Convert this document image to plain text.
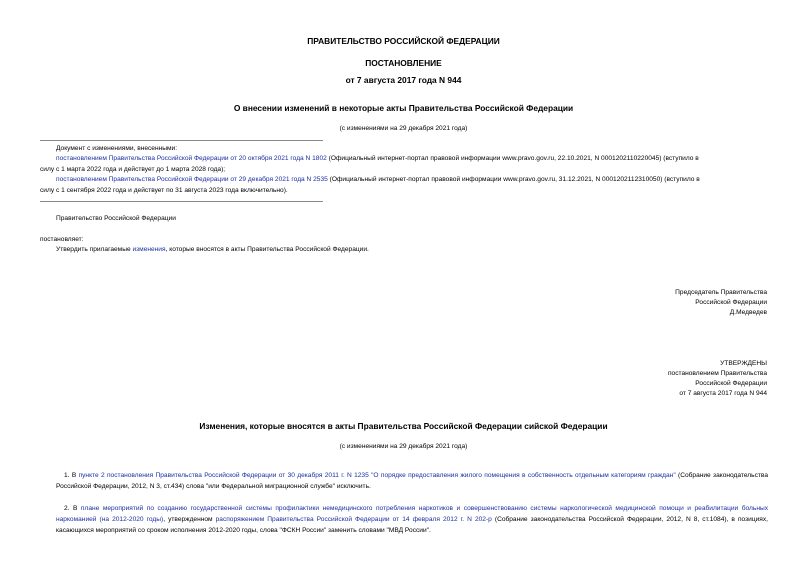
ПРАВИТЕЛЬСТВО РОССИЙСКОЙ ФЕДЕРАЦИИ
ПОСТАНОВЛЕНИЕ
от 7 августа 2017 года N 944
О внесении изменений в некоторые акты Правительства Российской Федерации
(с изменениями на 29 декабря 2021 года)
Документ с изменениями, внесенными:
постановлением Правительства Российской Федерации от 20 октября 2021 года N 1802 (Официальный интернет-портал правовой информации www.pravo.gov.ru, 22.10.2021, N 0001202110220045) (вступило в
силу с 1 марта 2022 года и действует до 1 марта 2028 года);
постановлением Правительства Российской Федерации от 29 декабря 2021 года N 2535 (Официальный интернет-портал правовой информации www.pravo.gov.ru, 31.12.2021, N 0001202112310050) (вступило в
силу с 1 сентября 2022 года и действует по 31 августа 2023 года включительно).
Правительство Российской Федерации
постановляет:
Утвердить прилагаемые изменения, которые вносятся в акты Правительства Российской Федерации.
Председатель Правительства
Российской Федерации
Д.Медведев
УТВЕРЖДЕНЫ
постановлением Правительства
Российской Федерации
от 7 августа 2017 года N 944
Изменения, которые вносятся в акты Правительства Российской Федерации сийской Федерации
(с изменениями на 29 декабря 2021 года)
1. В пункте 2 постановления Правительства Российской Федерации от 30 декабря 2011 г. N 1235 "О порядке предоставления жилого помещения в собственность отдельным категориям граждан" (Собрание законодательства Российской Федерации, 2012, N 3, ст.434) слова "или Федеральной миграционной службе" исключить.
2. В плане мероприятий по созданию государственной системы профилактики немедицинского потребления наркотиков и совершенствованию системы наркологической медицинской помощи и реабилитации больных наркоманией (на 2012-2020 годы), утвержденном распоряжением Правительства Российской Федерации от 14 февраля 2012 г. N 202-р (Собрание законодательства Российской Федерации, 2012, N 8, ст.1084), в позициях, касающихся мероприятий со сроком исполнения 2012-2020 годы, слова "ФСКН России" заменить словами "МВД России".
